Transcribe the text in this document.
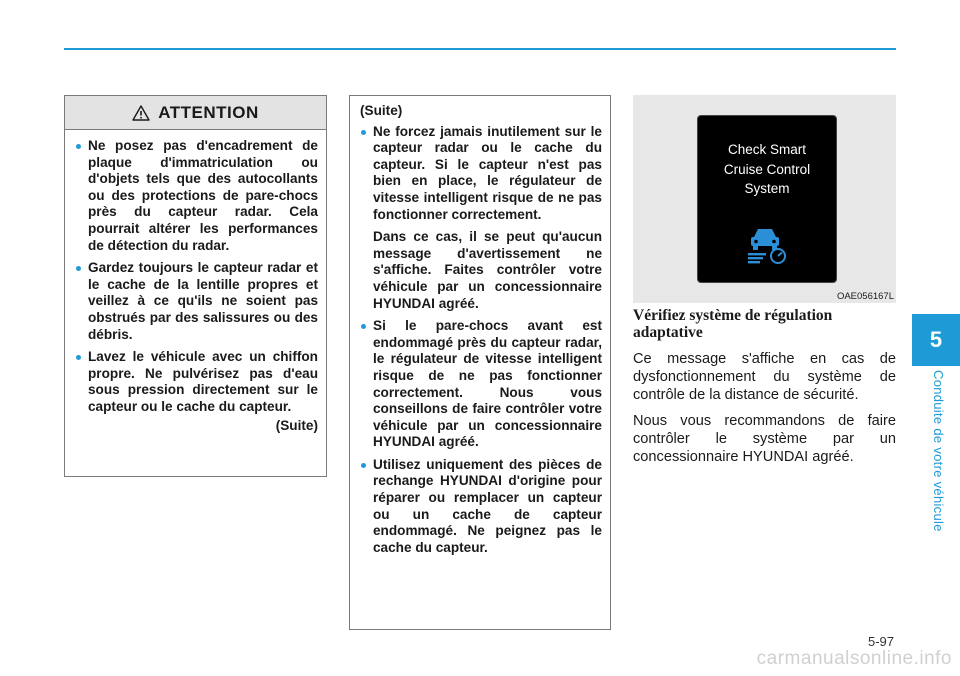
5
Conduite de votre véhicule
ATTENTION
Ne posez pas d'encadrement de plaque d'immatriculation ou d'objets tels que des autocollants ou des protections de pare-chocs près du capteur radar. Cela pourrait altérer les performances de détection du radar.
Gardez toujours le capteur radar et le cache de la lentille propres et veillez à ce qu'ils ne soient pas obstrués par des salissures ou des débris.
Lavez le véhicule avec un chiffon propre. Ne pulvérisez pas d'eau sous pression directement sur le capteur ou le cache du capteur.
(Suite)
(Suite)
Ne forcez jamais inutilement sur le capteur radar ou le cache du capteur. Si le capteur n'est pas bien en place, le régulateur de vitesse intelligent risque de ne pas fonctionner correctement.
Dans ce cas, il se peut qu'aucun message d'avertissement ne s'affiche. Faites contrôler votre véhicule par un concessionnaire HYUNDAI agréé.
Si le pare-chocs avant est endommagé près du capteur radar, le régulateur de vitesse intelligent risque de ne pas fonctionner correctement. Nous vous conseillons de faire contrôler votre véhicule par un concessionnaire HYUNDAI agréé.
Utilisez uniquement des pièces de rechange HYUNDAI d'origine pour réparer ou remplacer un capteur ou un cache de capteur endommagé. Ne peignez pas le cache du capteur.
Check Smart
Cruise Control
System
OAE056167L
Vérifiez système de régulation adaptative

Ce message s'affiche en cas de dysfonctionnement du système de contrôle de la distance de sécurité.

Nous vous recommandons de faire contrôler le système par un concessionnaire HYUNDAI agréé.

5-97
carmanualsonline.info
